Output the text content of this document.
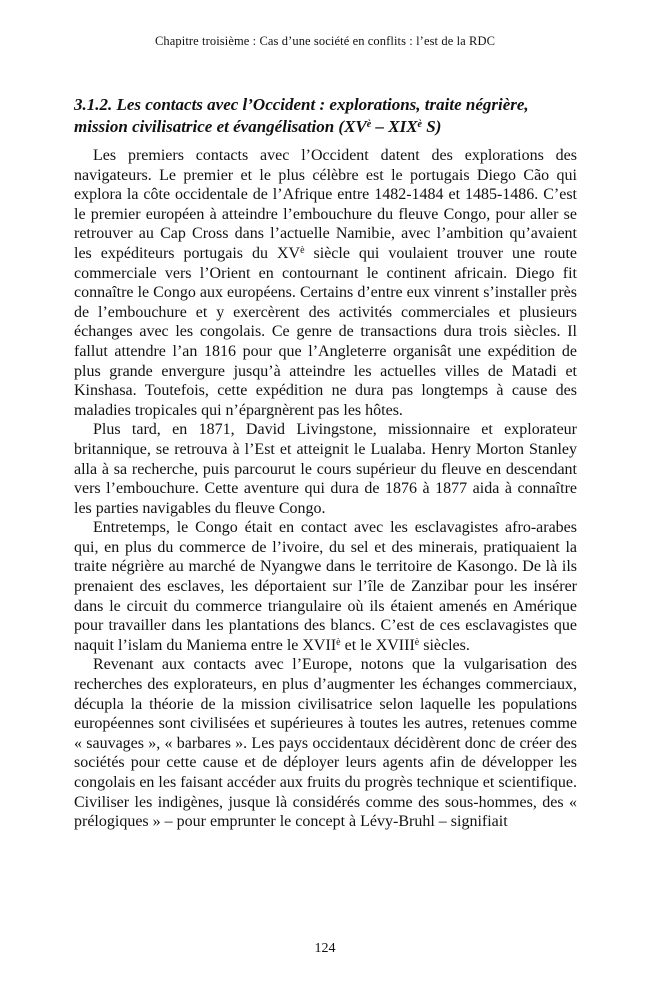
Chapitre troisième : Cas d’une société en conflits : l’est de la RDC
3.1.2. Les contacts avec l’Occident : explorations, traite négrière, mission civilisatrice et évangélisation ($XV^è - XIX^è$ S)

Les premiers contacts avec l’Occident datent des explorations des navigateurs. Le premier et le plus célèbre est le portugais Diego Cão qui explora la côte occidentale de l’Afrique entre 1482-1484 et 1485-1486. C’est le premier européen à atteindre l’embouchure du fleuve Congo, pour aller se retrouver au Cap Cross dans l’actuelle Namibie, avec l’ambition qu’avaient les expéditeurs portugais du $XV^è$ siècle qui voulaient trouver une route commerciale vers l’Orient en contournant le continent africain. Diego fit connaître le Congo aux européens. Certains d’entre eux vinrent s’installer près de l’embouchure et y exercèrent des activités commerciales et plusieurs échanges avec les congolais. Ce genre de transactions dura trois siècles. Il fallut attendre l’an 1816 pour que l’Angleterre organisât une expédition de plus grande envergure jusqu’à atteindre les actuelles villes de Matadi et Kinshasa. Toutefois, cette expédition ne dura pas longtemps à cause des maladies tropicales qui n’épargnèrent pas les hôtes.

Plus tard, en 1871, David Livingstone, missionnaire et explorateur britannique, se retrouva à l’Est et atteignit le Lualaba. Henry Morton Stanley alla à sa recherche, puis parcourut le cours supérieur du fleuve en descendant vers l’embouchure. Cette aventure qui dura de 1876 à 1877 aida à connaître les parties navigables du fleuve Congo.

Entretemps, le Congo était en contact avec les esclavagistes afro-arabes qui, en plus du commerce de l’ivoire, du sel et des minerais, pratiquaient la traite négrière au marché de Nyangwe dans le territoire de Kasongo. De là ils prenaient des esclaves, les déportaient sur l’île de Zanzibar pour les insérer dans le circuit du commerce triangulaire où ils étaient amenés en Amérique pour travailler dans les plantations des blancs. C’est de ces esclavagistes que naquit l’islam du Maniema entre le $XVII^è$ et le $XVIII^è$ siècles.

Revenant aux contacts avec l’Europe, notons que la vulgarisation des recherches des explorateurs, en plus d’augmenter les échanges commerciaux, décupla la théorie de la mission civilisatrice selon laquelle les populations européennes sont civilisées et supérieures à toutes les autres, retenues comme « sauvages », « barbares ». Les pays occidentaux décidèrent donc de créer des sociétés pour cette cause et de déployer leurs agents afin de développer les congolais en les faisant accéder aux fruits du progrès technique et scientifique. Civiliser les indigènes, jusque là considérés comme des sous-hommes, des « prélogiques » – pour emprunter le concept à Lévy-Bruhl – signifiait

124
